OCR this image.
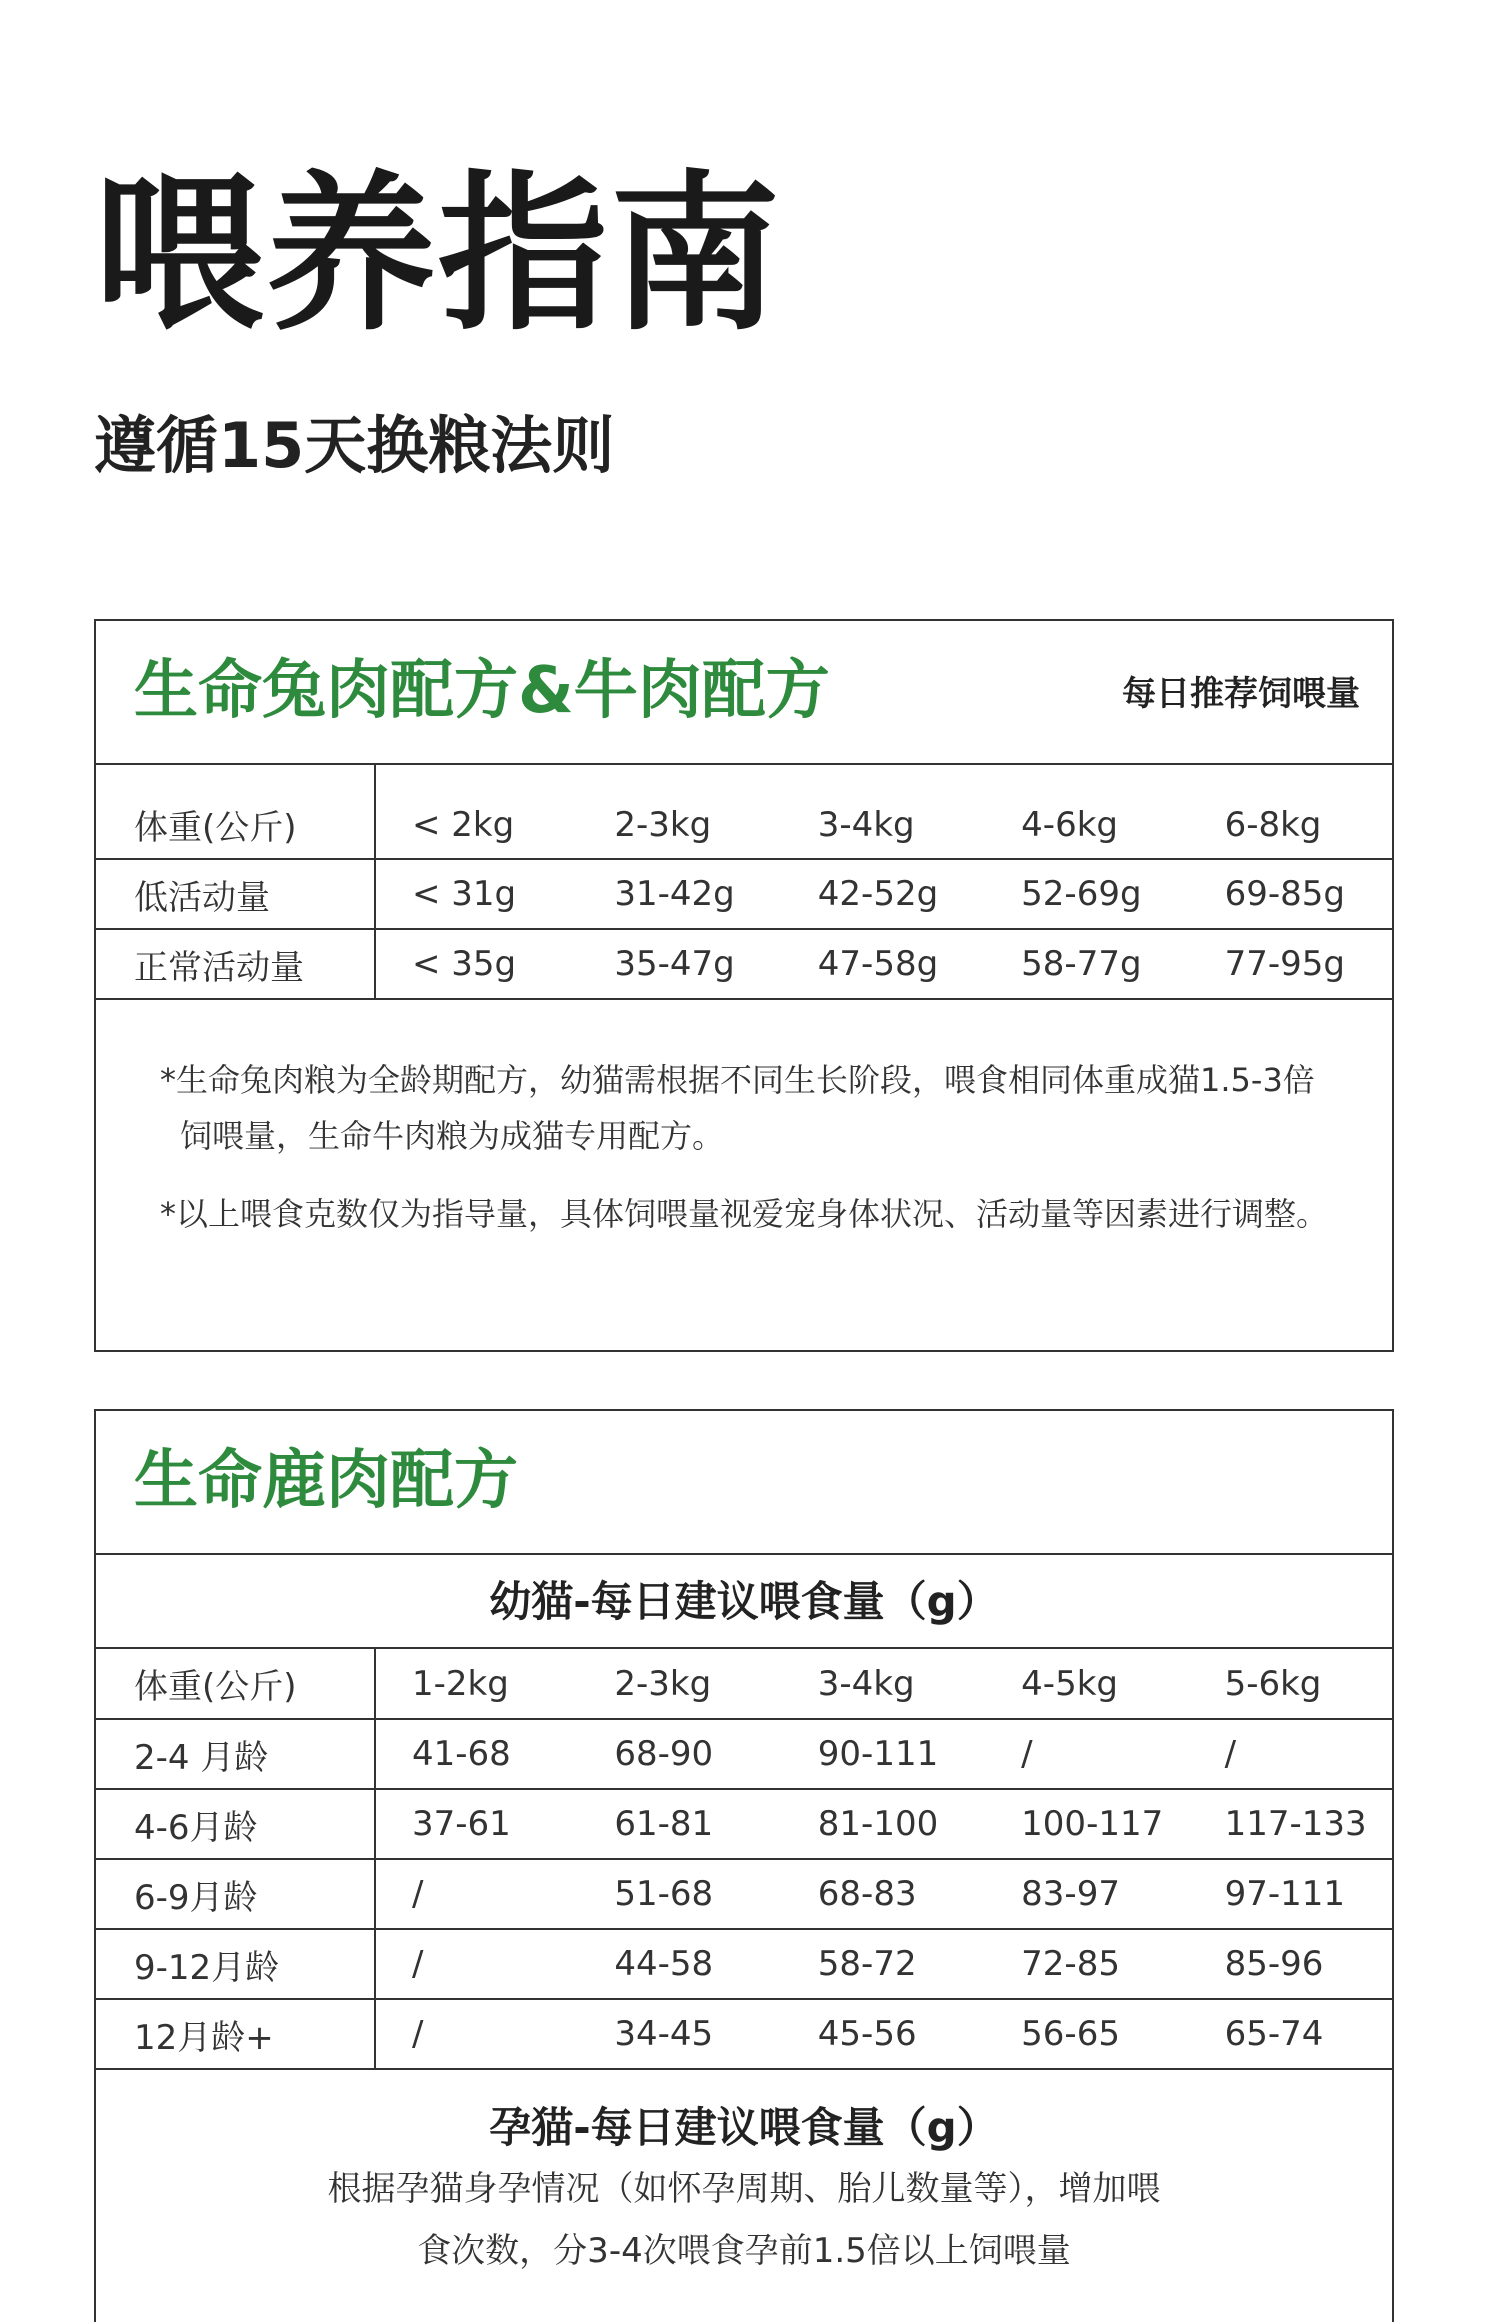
喂养指南
遵循15天换粮法则
生命兔肉配方&牛肉配方	每日推荐饲喂量
体重(公斤)	< 2kg	2-3kg	3-4kg	4-6kg	6-8kg
低活动量	< 31g	31-42g	42-52g	52-69g	69-85g
正常活动量	< 35g	35-47g	47-58g	58-77g	77-95g

*生命兔肉粮为全龄期配方，幼猫需根据不同生长阶段，喂食相同体重成猫1.5-3倍饲喂量，生命牛肉粮为成猫专用配方。

*以上喂食克数仅为指导量，具体饲喂量视爱宠身体状况、活动量等因素进行调整。

生命鹿肉配方
幼猫-每日建议喂食量（g）
体重(公斤)	1-2kg	2-3kg	3-4kg	4-5kg	5-6kg
2-4 月龄	41-68	68-90	90-111	/	/
4-6月龄	37-61	61-81	81-100	100-117	117-133
6-9月龄	/	51-68	68-83	83-97	97-111
9-12月龄	/	44-58	58-72	72-85	85-96
12月龄+	/	34-45	45-56	56-65	65-74
孕猫-每日建议喂食量（g）
根据孕猫身孕情况（如怀孕周期、胎儿数量等），增加喂
食次数，分3-4次喂食孕前1.5倍以上饲喂量
